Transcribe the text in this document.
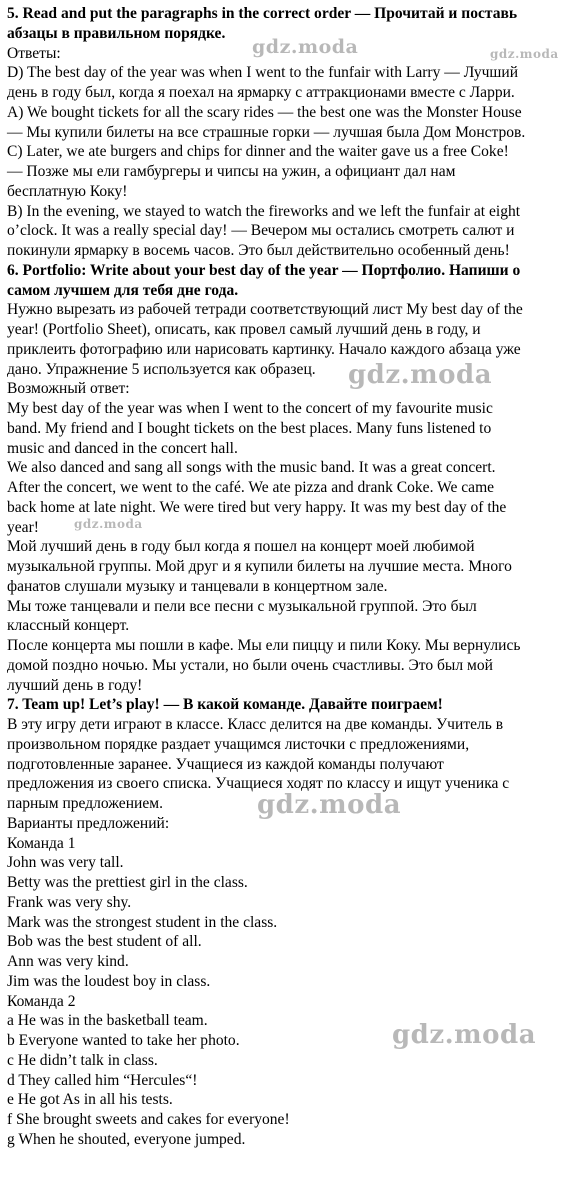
5. Read and put the paragraphs in the correct order — Прочитай и поставь
абзацы в правильном порядке.
Ответы:
D) The best day of the year was when I went to the funfair with Larry — Лучший
день в году был, когда я поехал на ярмарку с аттракционами вместе с Ларри.
A) We bought tickets for all the scary rides — the best one was the Monster House
— Мы купили билеты на все страшные горки — лучшая была Дом Монстров.
C) Later, we ate burgers and chips for dinner and the waiter gave us a free Coke!
— Позже мы ели гамбургеры и чипсы на ужин, а официант дал нам
бесплатную Коку!
B) In the evening, we stayed to watch the fireworks and we left the funfair at eight
o’clock. It was a really special day! — Вечером мы остались смотреть салют и
покинули ярмарку в восемь часов. Это был действительно особенный день!
6. Portfolio: Write about your best day of the year — Портфолио. Напиши о
самом лучшем для тебя дне года.
Нужно вырезать из рабочей тетради соответствующий лист My best day of the
year! (Portfolio Sheet), описать, как провел самый лучший день в году, и
приклеить фотографию или нарисовать картинку. Начало каждого абзаца уже
дано. Упражнение 5 используется как образец.
Возможный ответ:
My best day of the year was when I went to the concert of my favourite music
band. My friend and I bought tickets on the best places. Many funs listened to
music and danced in the concert hall.
We also danced and sang all songs with the music band. It was a great concert.
After the concert, we went to the café. We ate pizza and drank Coke. We came
back home at late night. We were tired but very happy. It was my best day of the
year!
Мой лучший день в году был когда я пошел на концерт моей любимой
музыкальной группы. Мой друг и я купили билеты на лучшие места. Много
фанатов слушали музыку и танцевали в концертном зале.
Мы тоже танцевали и пели все песни с музыкальной группой. Это был
классный концерт.
После концерта мы пошли в кафе. Мы ели пиццу и пили Коку. Мы вернулись
домой поздно ночью. Мы устали, но были очень счастливы. Это был мой
лучший день в году!
7. Team up! Let’s play! — В какой команде. Давайте поиграем!
В эту игру дети играют в классе. Класс делится на две команды. Учитель в
произвольном порядке раздает учащимся листочки с предложениями,
подготовленные заранее. Учащиеся из каждой команды получают
предложения из своего списка. Учащиеся ходят по классу и ищут ученика с
парным предложением.
Варианты предложений:
Команда 1
John was very tall.
Betty was the prettiest girl in the class.
Frank was very shy.
Mark was the strongest student in the class.
Bob was the best student of all.
Ann was very kind.
Jim was the loudest boy in class.
Команда 2
a He was in the basketball team.
b Everyone wanted to take her photo.
c He didn’t talk in class.
d They called him “Hercules“!
e He got As in all his tests.
f She brought sweets and cakes for everyone!
g When he shouted, everyone jumped.
gdz.moda	gdz.moda
gdz.moda
gdz.moda
gdz.moda
gdz.moda
